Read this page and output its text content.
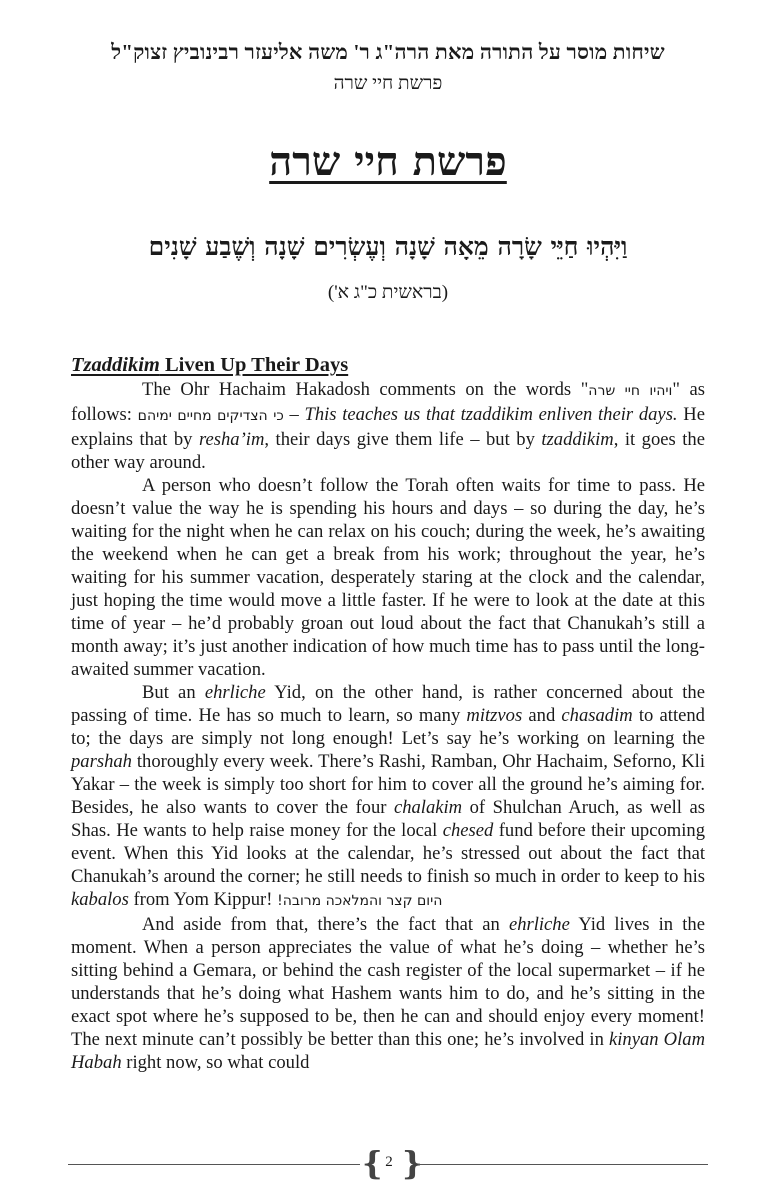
שיחות מוסר על התורה מאת הרה"ג ר' משה אליעזר רבינוביץ זצוק"ל
פרשת חיי שרה
פרשת חיי שרה
וַיִּהְיוּ חַיֵּי שָׂרָה מֵאָה שָׁנָה וְעֶשְׂרִים שָׁנָה וְשֶׁבַע שָׁנִים
(בראשית כ"ג א')
Tzaddikim Liven Up Their Days

The Ohr Hachaim Hakadosh comments on the words "ויהיו חיי שרה" as follows: כי הצדיקים מחיים ימיהם – This teaches us that tzaddikim enliven their days. He explains that by resha’im, their days give them life – but by tzaddikim, it goes the other way around.

A person who doesn’t follow the Torah often waits for time to pass. He doesn’t value the way he is spending his hours and days – so during the day, he’s waiting for the night when he can relax on his couch; during the week, he’s awaiting the weekend when he can get a break from his work; throughout the year, he’s waiting for his summer vacation, desperately staring at the clock and the calendar, just hoping the time would move a little faster. If he were to look at the date at this time of year – he’d probably groan out loud about the fact that Chanukah’s still a month away; it’s just another indication of how much time has to pass until the long-awaited summer vacation.

But an ehrliche Yid, on the other hand, is rather concerned about the passing of time. He has so much to learn, so many mitzvos and chasadim to attend to; the days are simply not long enough! Let’s say he’s working on learning the parshah thoroughly every week. There’s Rashi, Ramban, Ohr Hachaim, Seforno, Kli Yakar – the week is simply too short for him to cover all the ground he’s aiming for. Besides, he also wants to cover the four chalakim of Shulchan Aruch, as well as Shas. He wants to help raise money for the local chesed fund before their upcoming event. When this Yid looks at the calendar, he’s stressed out about the fact that Chanukah’s around the corner; he still needs to finish so much in order to keep to his kabalos from Yom Kippur! היום קצר והמלאכה מרובה!

And aside from that, there’s the fact that an ehrliche Yid lives in the moment. When a person appreciates the value of what he’s doing – whether he’s sitting behind a Gemara, or behind the cash register of the local supermarket – if he understands that he’s doing what Hashem wants him to do, and he’s sitting in the exact spot where he’s supposed to be, then he can and should enjoy every moment! The next minute can’t possibly be better than this one; he’s involved in kinyan Olam Habah right now, so what could

{ 2 }
